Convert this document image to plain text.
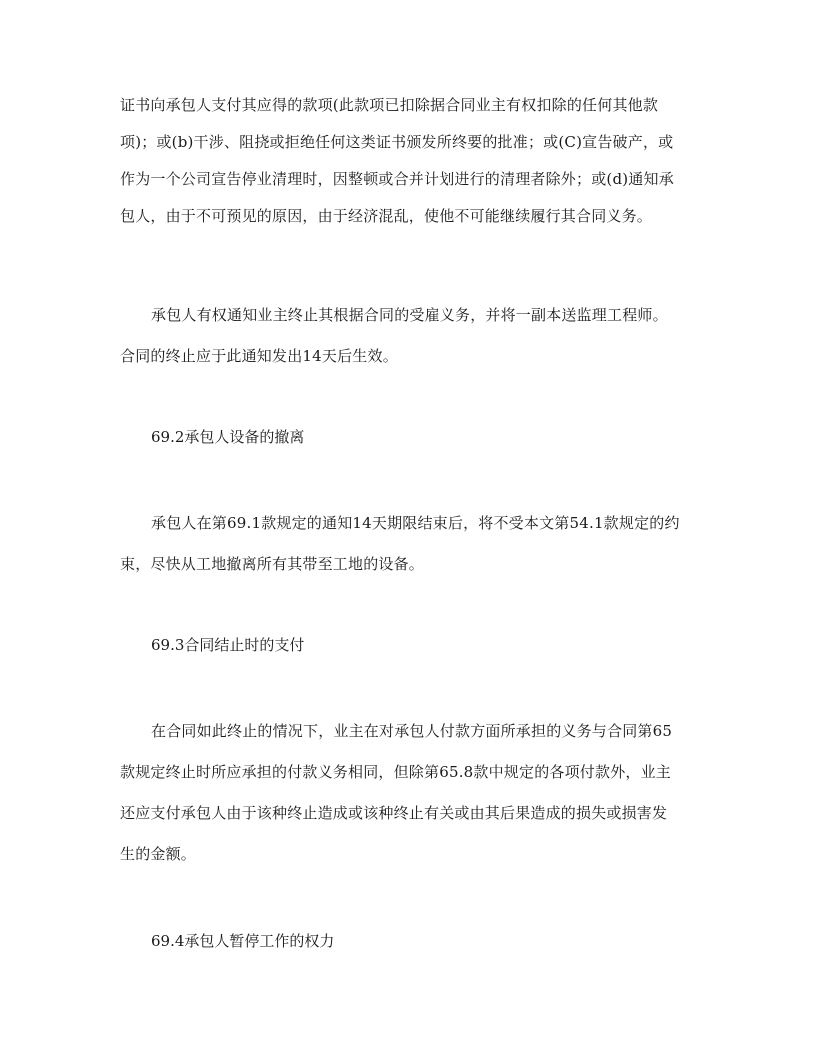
证书向承包人支付其应得的款项(此款项已扣除据合同业主有权扣除的任何其他款
项)；或(b)干涉、阻挠或拒绝任何这类证书颁发所终要的批准；或(C)宣告破产，或
作为一个公司宣告停业清理时，因整顿或合并计划进行的清理者除外；或(d)通知承
包人，由于不可预见的原因，由于经济混乱，使他不可能继续履行其合同义务。
承包人有权通知业主终止其根据合同的受雇义务，并将一副本送监理工程师。
合同的终止应于此通知发出14天后生效。
69.2承包人设备的撤离
承包人在第69.1款规定的通知14天期限结束后，将不受本文第54.1款规定的约
束，尽快从工地撤离所有其带至工地的设备。
69.3合同结止时的支付
在合同如此终止的情况下，业主在对承包人付款方面所承担的义务与合同第65
款规定终止时所应承担的付款义务相同，但除第65.8款中规定的各项付款外，业主
还应支付承包人由于该种终止造成或该种终止有关或由其后果造成的损失或损害发
生的金额。
69.4承包人暂停工作的权力
